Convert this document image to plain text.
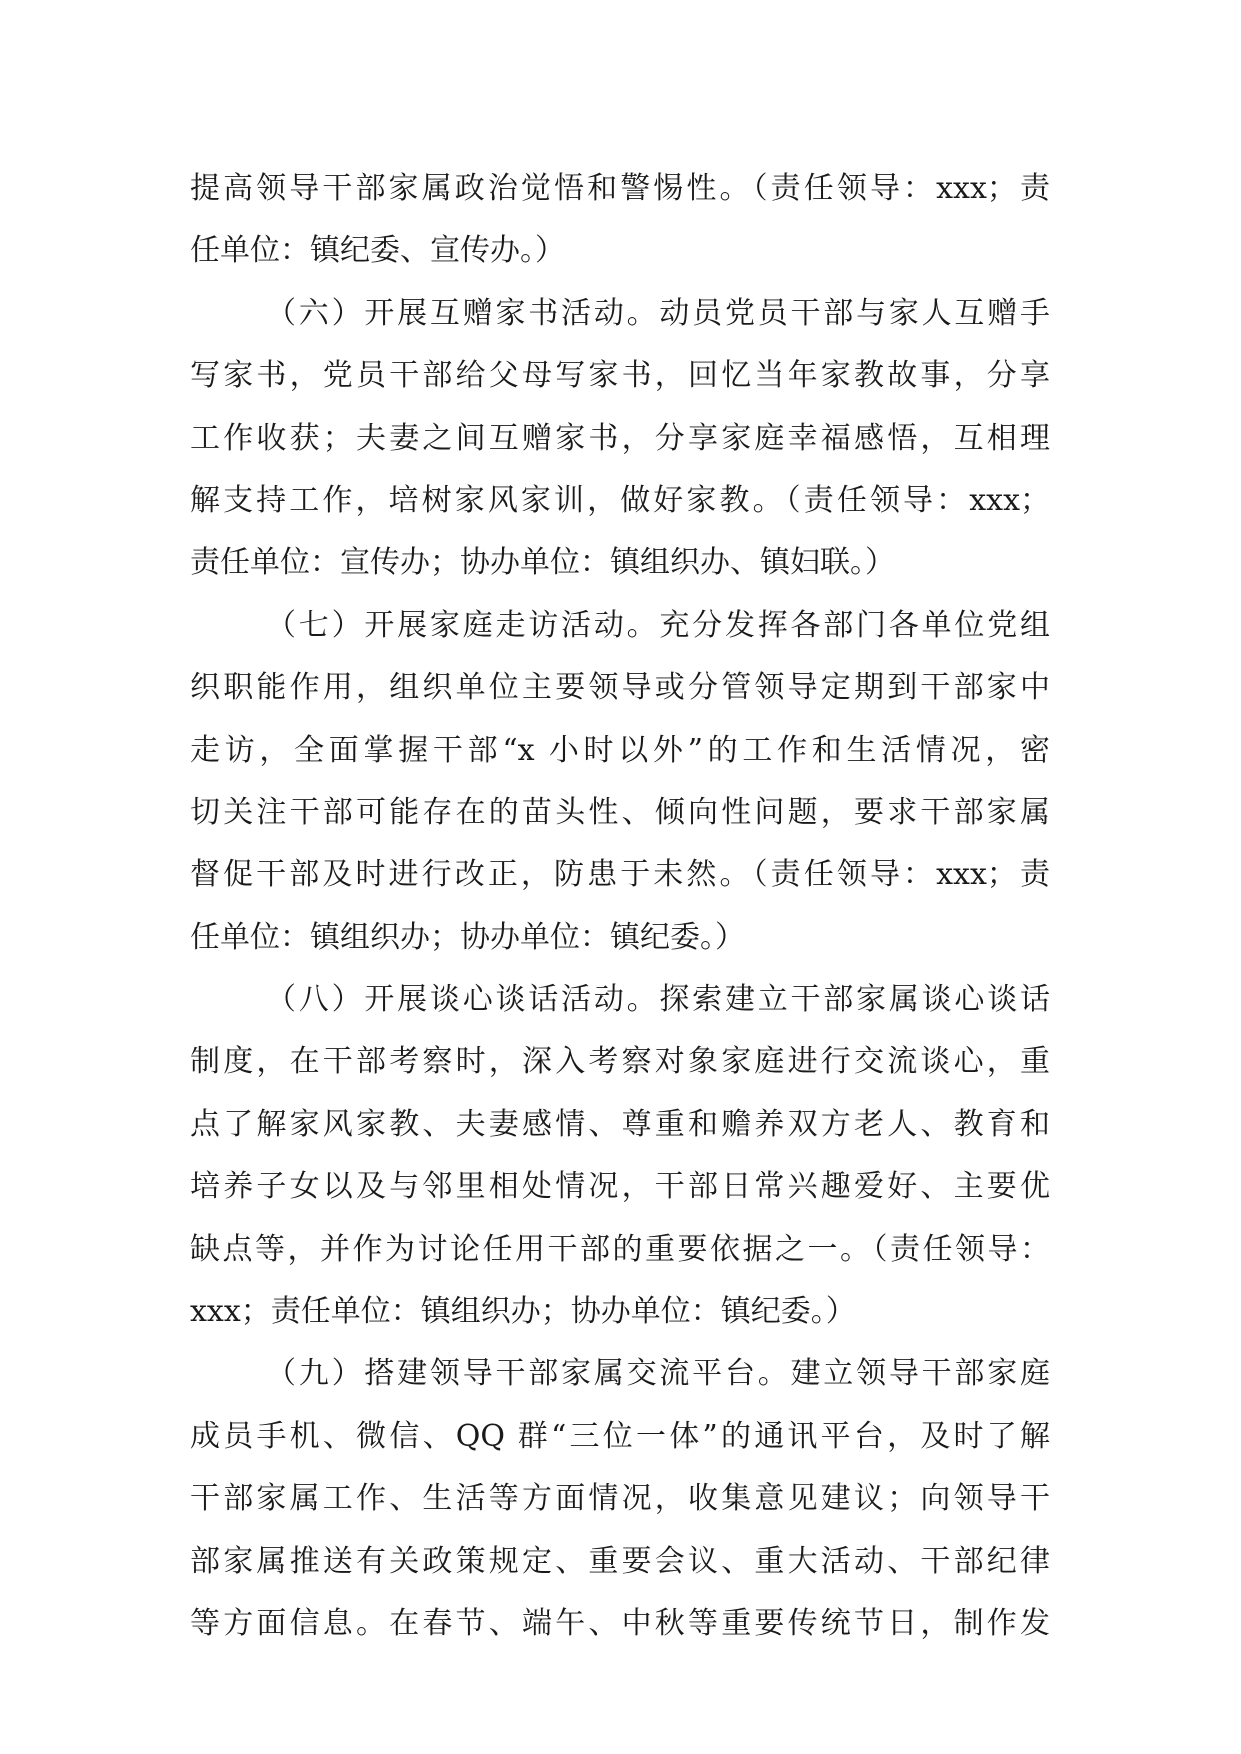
提高领导干部家属政治觉悟和警惕性。（责任领导：xxx；责
任单位：镇纪委、宣传办。）
（六）开展互赠家书活动。动员党员干部与家人互赠手
写家书，党员干部给父母写家书，回忆当年家教故事，分享
工作收获；夫妻之间互赠家书，分享家庭幸福感悟，互相理
解支持工作，培树家风家训，做好家教。（责任领导：xxx；
责任单位：宣传办；协办单位：镇组织办、镇妇联。）
（七）开展家庭走访活动。充分发挥各部门各单位党组
织职能作用，组织单位主要领导或分管领导定期到干部家中
走访，全面掌握干部“x 小时以外”的工作和生活情况，密
切关注干部可能存在的苗头性、倾向性问题，要求干部家属
督促干部及时进行改正，防患于未然。（责任领导：xxx；责
任单位：镇组织办；协办单位：镇纪委。）
（八）开展谈心谈话活动。探索建立干部家属谈心谈话
制度，在干部考察时，深入考察对象家庭进行交流谈心，重
点了解家风家教、夫妻感情、尊重和赡养双方老人、教育和
培养子女以及与邻里相处情况，干部日常兴趣爱好、主要优
缺点等，并作为讨论任用干部的重要依据之一。（责任领导：
xxx；责任单位：镇组织办；协办单位：镇纪委。）
（九）搭建领导干部家属交流平台。建立领导干部家庭
成员手机、微信、QQ 群“三位一体”的通讯平台，及时了解
干部家属工作、生活等方面情况，收集意见建议；向领导干
部家属推送有关政策规定、重要会议、重大活动、干部纪律
等方面信息。在春节、端午、中秋等重要传统节日，制作发
